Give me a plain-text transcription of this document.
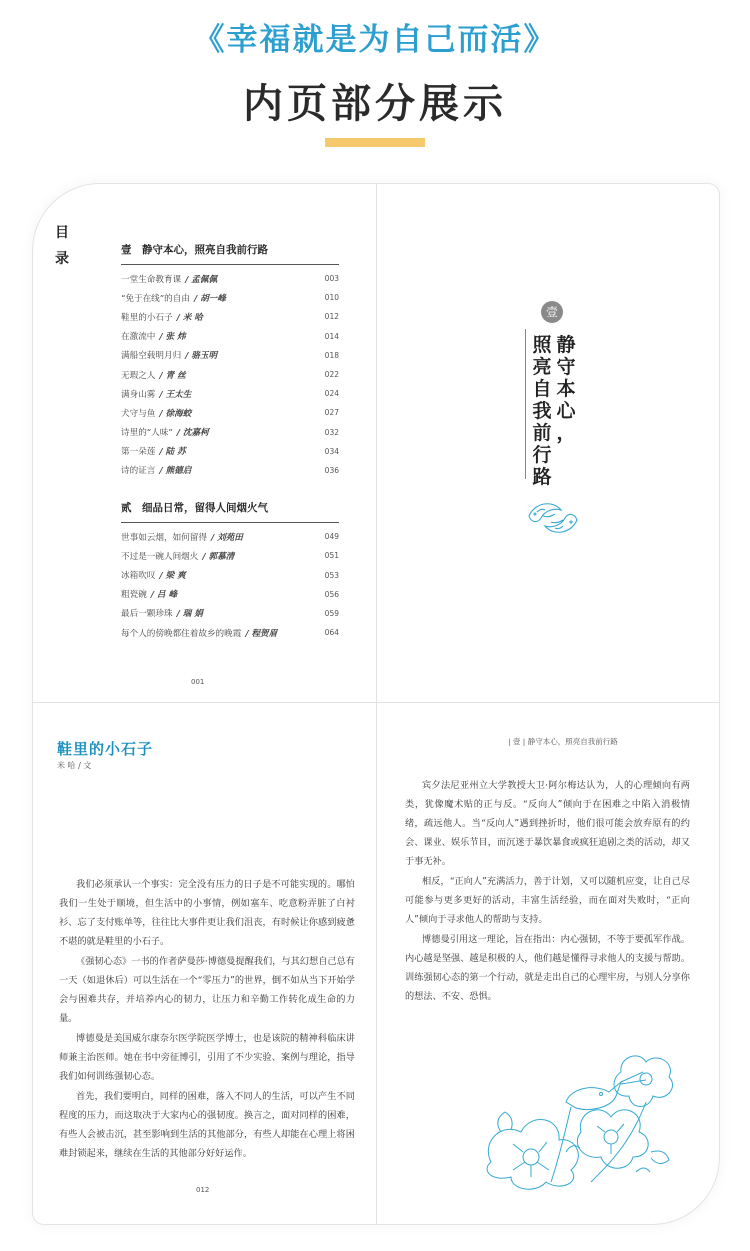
《幸福就是为自己而活》
内页部分展示
目
录
壹　静守本心，照亮自我前行路
一堂生命教育课 / 孟佩佩	003
“免于在线”的自由 / 胡一峰	010
鞋里的小石子 / 米 哈	012
在激流中 / 张 炜	014
满船空载明月归 / 骆玉明	018
无瑕之人 / 青 丝	022
满身山雾 / 王太生	024
犬守与鱼 / 徐海蛟	027
诗里的“人味” / 沈嘉柯	032
第一朵莲 / 陆 苏	034
诗的证言 / 熊德启	036
贰　细品日常，留得人间烟火气
世事如云烟，如何留得 / 刘苑田	049
不过是一碗人间烟火 / 郭慕清	051
冰箱吹叹 / 梁 爽	053
粗瓷碗 / 吕 峰	056
最后一颗珍珠 / 瑞 娟	059
每个人的傍晚都住着故乡的晚霞 / 程贺眉	064
001
壹
静
守
本
心
，
照
亮
自
我
前
行
路
鞋里的小石子
米 哈 / 文

我们必须承认一个事实：完全没有压力的日子是不可能实现的。哪怕我们一生处于顺境，但生活中的小事情，例如塞车、吃意粉弄脏了白衬衫、忘了支付账单等，往往比大事件更让我们沮丧，有时候让你感到疲惫不堪的就是鞋里的小石子。

《强韧心态》一书的作者萨曼莎·博德曼提醒我们，与其幻想自己总有一天（如退休后）可以生活在一个“零压力”的世界，倒不如从当下开始学会与困难共存，并培养内心的韧力，让压力和辛勤工作转化成生命的力量。

博德曼是美国威尔康奈尔医学院医学博士，也是该院的精神科临床讲师兼主治医师。她在书中旁征博引，引用了不少实验、案例与理论，指导我们如何训练强韧心态。

首先，我们要明白，同样的困难，落入不同人的生活，可以产生不同程度的压力，而这取决于大家内心的强韧度。换言之，面对同样的困难，有些人会被击沉，甚至影响到生活的其他部分，有些人却能在心理上将困难封锁起来，继续在生活的其他部分好好运作。

012
| 壹 | 静守本心，照亮自我前行路

宾夕法尼亚州立大学教授大卫·阿尔梅达认为，人的心理倾向有两类，犹像魔术贴的正与反。“反向人”倾向于在困难之中陷入消极情绪，疏远他人。当“反向人”遇到挫折时，他们很可能会放弃原有的约会、课业、娱乐节目，而沉迷于暴饮暴食或疯狂追剧之类的活动，却又于事无补。

相反，“正向人”充满活力，善于计划，又可以随机应变，让自己尽可能参与更多更好的活动，丰富生活经验，而在面对失败时，“正向人”倾向于寻求他人的帮助与支持。

博德曼引用这一理论，旨在指出：内心强韧，不等于要孤军作战。内心越是坚强、越是积极的人，他们越是懂得寻求他人的支援与帮助。训练强韧心态的第一个行动，就是走出自己的心理牢房，与别人分享你的想法、不安、恐惧。
